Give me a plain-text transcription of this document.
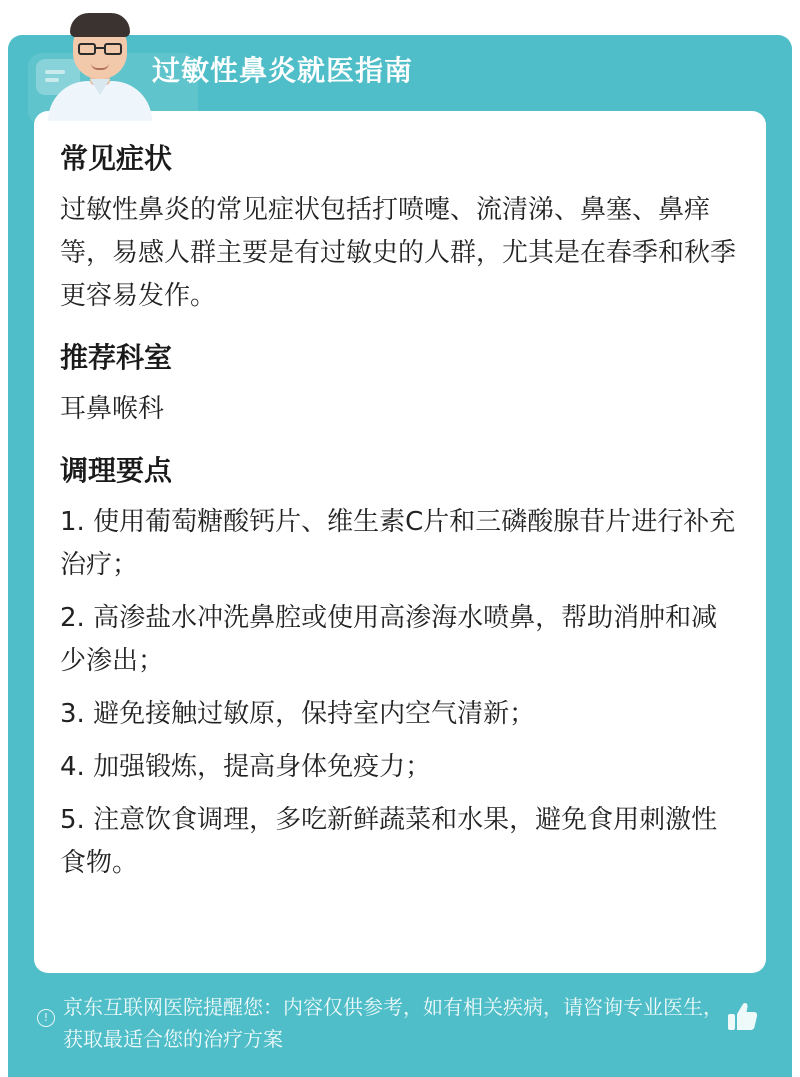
过敏性鼻炎就医指南
常见症状

过敏性鼻炎的常见症状包括打喷嚏、流清涕、鼻塞、鼻痒等，易感人群主要是有过敏史的人群，尤其是在春季和秋季更容易发作。

推荐科室

耳鼻喉科

调理要点
1. 使用葡萄糖酸钙片、维生素C片和三磷酸腺苷片进行补充治疗；
2. 高渗盐水冲洗鼻腔或使用高渗海水喷鼻，帮助消肿和减少渗出；
3. 避免接触过敏原，保持室内空气清新；
4. 加强锻炼，提高身体免疫力；
5. 注意饮食调理，多吃新鲜蔬菜和水果，避免食用刺激性食物。
! 京东互联网医院提醒您：内容仅供参考，如有相关疾病，请咨询专业医生，获取最适合您的治疗方案
